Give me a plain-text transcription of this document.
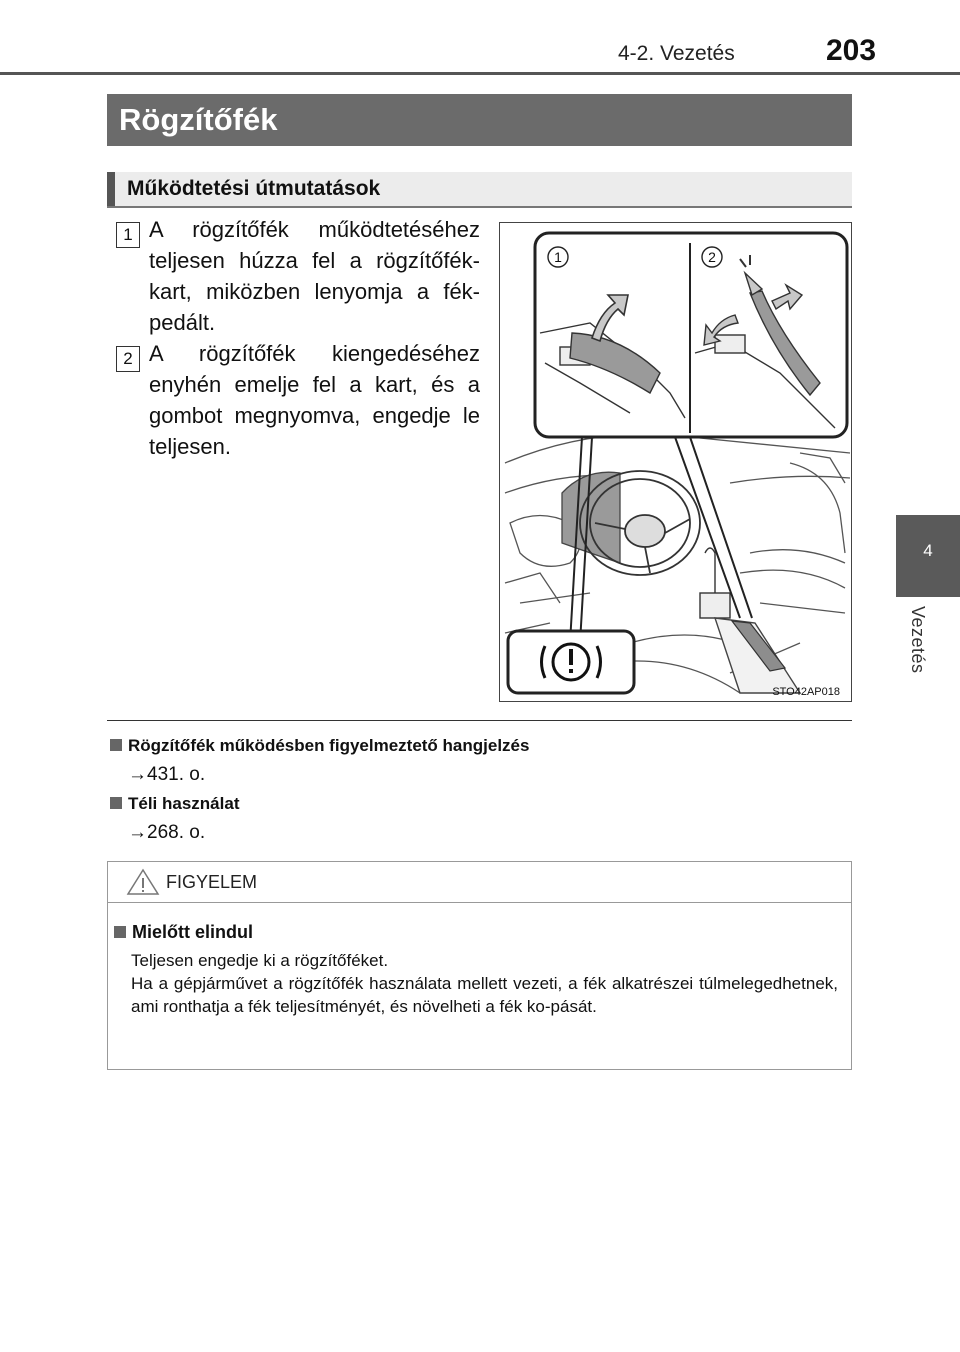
4-2. Vezetés	203
4
Vezetés
Rögzítőfék
Működtetési útmutatások
1 A rögzítőfék működtetéséhez teljesen húzza fel a rögzítőfék-kart, miközben lenyomja a fék-pedált.
2 A rögzítőfék kiengedéséhez enyhén emelje fel a kart, és a gombot megnyomva, engedje le teljesen.
1	2
STO42AP018
Rögzítőfék működésben figyelmeztető hangjelzés
→431. o.
Téli használat
→268. o.
FIGYELEM
Mielőtt elindul

Teljesen engedje ki a rögzítőféket.

Ha a gépjárművet a rögzítőfék használata mellett vezeti, a fék alkatrészei túlmelegedhetnek, ami ronthatja a fék teljesítményét, és növelheti a fék ko-pását.
